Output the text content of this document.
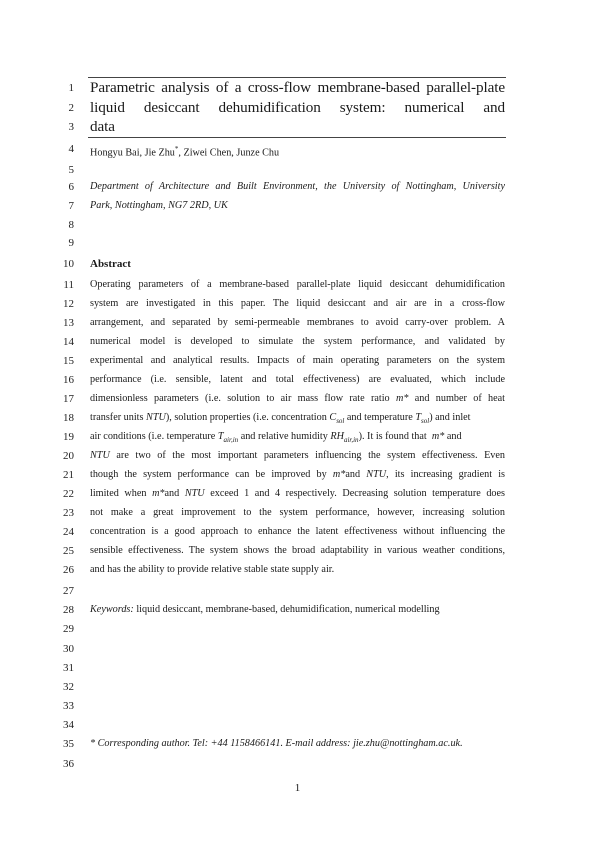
1
2
3
4
5
6
7
8
9
10
11
12
13
14
15
16
17
18
19
20
21
22
23
24
25
26
27
28
29
30
31
32
33
34
35
36
Parametric analysis of a cross-flow membrane-based parallel-plate
liquid desiccant dehumidification system: numerical and
data
Hongyu Bai, Jie Zhu*, Ziwei Chen, Junze Chu
Department of Architecture and Built Environment, the University of Nottingham, University
Park, Nottingham, NG7 2RD, UK
Abstract
Operating parameters of a membrane-based parallel-plate liquid desiccant dehumidification
system are investigated in this paper. The liquid desiccant and air are in a cross-flow
arrangement, and separated by semi-permeable membranes to avoid carry-over problem. A
numerical model is developed to simulate the system performance, and validated by
experimental and analytical results. Impacts of main operating parameters on the system
performance (i.e. sensible, latent and total effectiveness) are evaluated, which include
dimensionless parameters (i.e. solution to air mass flow rate ratio m* and number of heat
transfer units NTU), solution properties (i.e. concentration $C_{sol}$ and temperature $T_{sol}$) and inlet
air conditions (i.e. temperature $T_{air,in}$ and relative humidity $RH_{air,in}$). It is found that m* and
NTU are two of the most important parameters influencing the system effectiveness. Even
though the system performance can be improved by m*and NTU, its increasing gradient is
limited when m*and NTU exceed 1 and 4 respectively. Decreasing solution temperature does
not make a great improvement to the system performance, however, increasing solution
concentration is a good approach to enhance the latent effectiveness without influencing the
sensible effectiveness. The system shows the broad adaptability in various weather conditions,
and has the ability to provide relative stable state supply air.
Keywords: liquid desiccant, membrane-based, dehumidification, numerical modelling
* Corresponding author. Tel: +44 1158466141. E-mail address: jie.zhu@nottingham.ac.uk.
1
